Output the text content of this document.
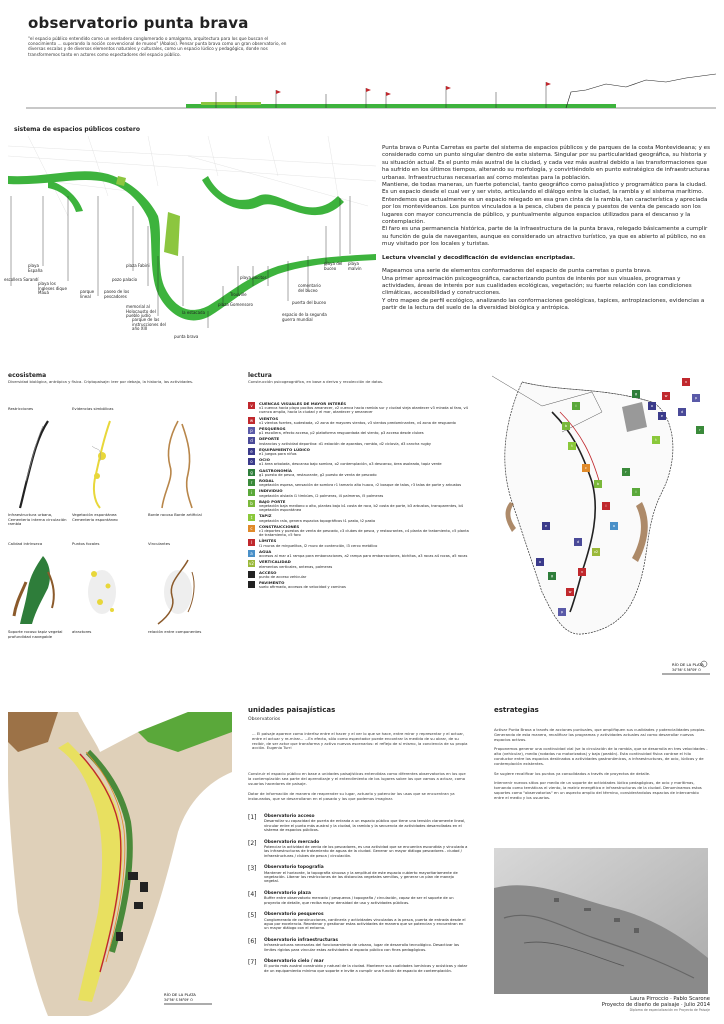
observatorio punta brava
"el espacio público entendido como un verdadero conglomerado o amalgama, arquitectura para los que buscan el conocimiento ... superando la noción convencional de museo" (Abalos). Pensar punta brava como un gran observatorio, en diversas escalas y de diversos elementos naturales y culturales, como un espacio lúdico y pedagógico, donde nos transformemos tanto en actores como espectadores del espacio público.
sistema de espacios públicos costero
escollera Sarandí
playa España
playa los Ingleses dique Mauá	parque lineal
plaza Fabini
pozo palacio
paseo de los pescadores
memorial al Holocausto del pueblo judío
la estacada
parque de las instrucciones del año XIII
punta brava
plaza Gomensoro
playa pocitos
Trouville
playa del buceo
comentario del buceo
puerta del buceo
espacio de la segunda guerra mundial
playa malvín
Punta brava o Punta Carretas es parte del sistema de espacios públicos y de parques de la costa Montevideana; y es considerado como un punto singular dentro de este sistema. Singular por su particularidad geográfica, su historia y su situación actual. Es el punto más austral de la ciudad, y cada vez más austral debido a las transformaciones que ha sufrido en los últimos tiempos, alterando su morfología, y convirtiéndolo en punto estratégico de infraestructuras urbanas. Infraestructuras necesarias así como molestas para la población.
Mantiene, de todas maneras, un fuerte potencial, tanto geográfico como paisajístico y programático para la ciudad.
Es un espacio desde el cual ver y ser visto, articulando el diálogo entre la ciudad, la rambla y el sistema marítimo.
Entendemos que actualmente es un espacio relegado en esa gran cinta de la rambla, tan característica y apreciada por los montevideanos. Los puntos vinculados a la pesca, clubes de pesca y puestos de venta de pescado son los lugares con mayor concurrencia de público, y puntualmente algunos espacios utilizados para el descanso y la contemplación.
El faro es una permanencia histórica, parte de la infraestructura de la punta brava, relegado básicamente a cumplir su función de guía de navegantes, aunque es considerado un atractivo turístico, ya que es abierto al público, no es muy visitado por los locales y turistas.
Lectura vivencial y decodificación de evidencias encriptadas.
Mapeamos una serie de elementos conformadores del espacio de punta carretas o punta brava.
Una primer aproximación psicogeográfica, caracterizando puntos de interés por sus visuales, programas y actividades, áreas de interés por sus cualidades ecológicas, vegetación; su fuerte relación con las condiciones climáticas, accesibilidad y construcciones.
Y otro mapeo de perfil ecológico, analizando las conformaciones geológicas, tapices, antropizaciones, evidencias a partir de la lectura del suelo de la diversidad biológica y antrópica.
ecosistema
Diversidad biológica, antrópica y física. Criptopaisaje: leer por debajo, la historia, las actividades.
Restricciones	Evidencias simbólicas
Infraestructura urbana, Cementerio interna circulación rambla
Vegetación espontánea Cementerio espontáneo
Borde rocoso Borde artificial
Calidad intrínseca	Puntos focales	Vinculantes
Soporte rocoso tapiz vegetal profundidad navegable
atractores	relación entre componentes
lectura
Construcción psicogeográfica, en base a deriva y recolección de datos.
v	CUENCAS VISUALES DE MAYOR INTERÉS
v1 cuenca hacia playa pocitos amanecer, v2 cuenca hacia rambla sur y ciudad vieja atardecer v3 mirada al faro, v4 cuenca amplia, hacia la ciudad y el mar, atardecer y amanecer
w	VIENTOS
v1 vientos fuertes, sudestada, v2 zona de mayores vientos, v3 vientos predominantes, v4 zona de resguardo
p	PESQUEROS
p1 escollera, efecto acceso, p2 plataforma resguardada del viento, p3 acceso desde clubes
d	DEPORTE
instancias y actividad deportiva: d1 estación de aparatos, rambla, d2 ciclovía, d3 cancha rugby
e	EQUIPAMIENTO LÚDICO
e1 juegos para niños
o	OCIO
o1 área arbolada, descanso bajo sombra, o2 contemplación, o3 descanso, área asoleada, tapiz verde
g	GASTRONOMÍA
g1 puesto de pesca, restaurante, g2 puesto de venta de pescado
r	RODAL
vegetación espesa, sensación de sombra r1 tamarix alto huaco, r2 bosque de talas, r3 talas de porte y arbustos
i	INDIVIDUO
vegetación aislada i1 timbúes, i2 palmeras, i4 palmeras, i5 palmeras
b	BAJO PORTE
vegetación baja mediano o alto, plantas bajo b1 costa de roca, b2 costa de porte, b3 arbustos, transparentes, b4 vegetación espontánea
t	TAPIZ
vegetación rala, genera espacios topográficos t1 pasto, t2 pasto
c	CONSTRUCCIONES
c1 deportes y puestos de venta de pescado, c3 clubes de pesca, y restaurantes, c4 planta de tratamiento, c5 planta de tratamiento, c5 faro
l	LÍMITES
l1 muros de mirguelitos, l2 muro de contención, l3 cerco metálico
a	AGUA
accesos al mar a1 rampa para embarcaciones, a2 rampa para embarcaciones, bichitos, a3 rocas a4 rocas, a5 rocas
v2 VERTICALIDAD
elementos verticales, antenas, palmeras
ACCESO
punto de acceso vehicular
PAVIMENTO
suelo afirmado, accesos de velocidad y caminos
RÍO DE LA PLATA
34°56' S 56°09' O
v
w	p
d
e
o
g
r
i
b
t
c
l
a
v2
v
w
p
d
e
o
g
r
i
b
t
RÍO DE LA PLATA
34°56' S 56°09' O
unidades paisajísticas
Observatorios
... El paisaje aparece como interfaz entre el hacer y el ver lo que se hace, entre mirar y representar y el actuar, entre el actuar y re-mirar... ...En efecto, sólo como espectador puede encontrar la medida de su obrar, de su recibir, de ser actor que transforma y activo nuevos escenarios: el reflejo de sí mismo, la conciencia de su propia acción. Eugenio Turri
Construir el espacio público en base a unidades paisajísticas entendidas como diferentes observatorios en los que la contemplación sea parte del aprendizaje y el entendimiento de los lugares sobre los que vamos a actuar, como usuarios hacedores de paisaje.
Dotar de información de manera de reaprender su lugar, actuarlo y potenciar los usos que se encuentran ya instaurados, que se desarrollaron en el pasado y las que podemos imaginar.
[1]	Observatorio acceso
Desarrollar su capacidad de puerta de entrada a un espacio público que tiene una tensión claramente lineal, vincular entre el punto más austral y la ciudad, la rambla y la secuencia de actividades desarrolladas en el sistema de espacios públicos.
[2]	Observatorio mercado
Potenciar la actividad de venta de los pescadores, es una actividad que se encuentra escondida y vinculada a las infraestructuras de tratamiento de aguas de la ciudad. Generar un mayor diálogo pescadores - ciudad / infraestructuras / clubes de pesca / circulación.
[3]	Observatorio topografía
Mantener el horizonte, la topografía sinuosa y la amplitud de este espacio cubierto mayoritariamente de vegetación. Liberar las restricciones de las distancias vegetales semillas, y generar un plan de manejo vegetal.
[4]	Observatorio plaza
Buffer entre observatorio mercado / pesqueros / topografía / circulación, capaz de ser el soporte de un proyecto de detalle, que reciba mayor densidad de uso y actividades públicas.
[5]	Observatorio pesqueros
Conglomerado de construcciones, cantinería y actividades vinculadas a la pesca, puerta de entrada desde el agua por excelencia. Reordenar y gestionar estas actividades de manera que se potencian y encuentran en un mayor diálogo con el entorno.
[6]	Observatorio infraestructuras
Infraestructuras necesarias del funcionamiento de urbano, lugar de desarrollo tecnológico. Desactivar los límites rígidos para vincular estas actividades al espacio público con fines pedagógicos.
[7]	Observatorio cielo / mar
El punto más austral construido y natural de la ciudad. Mantener sus cualidades lumínicas y acústicas y dotar de un equipamiento mínimo que soporte e invite a cumplir una función de espacio de contemplación.
estrategias
Activar Punta Brava a través de acciones puntuales, que amplifiquen sus cualidades y potencialidades propias. Generando de esta manera, recalificar los programas y actividades actuales así como desarrollar nuevos espacios activos.
Proponemos generar una continuidad vial (se la circulación de la rambla, que se desarrolla en tres velocidades - alta (vehicular), media (rodados no motorizados) y baja (peatón). Esta continuidad física contrae el hilo conductor entre los espacios destinados a actividades gastronómicas, a infraestructuras, de ocio, lúdicas y de contemplación existentes.
Se sugiere recalificar los puntos ya consolidados a través de proyectos de detalle.
Intervenir nuevos sitios por medio de un soporte de actividades lúdico pedagógicas, de ocio y marítimas, tornando como temáticas el viento, la matriz energética e infraestructuras de la ciudad. Denominamos estos soportes como "observatorios" en un aspecto amplio del término, considerándolos espacios de intercambio entre el medio y los usuarios.
Laura Pirroccio · Pablo Scarone
Proyecto de diseño de paisaje · Julio 2014
Diploma de especialización en Proyecto de Paisaje
